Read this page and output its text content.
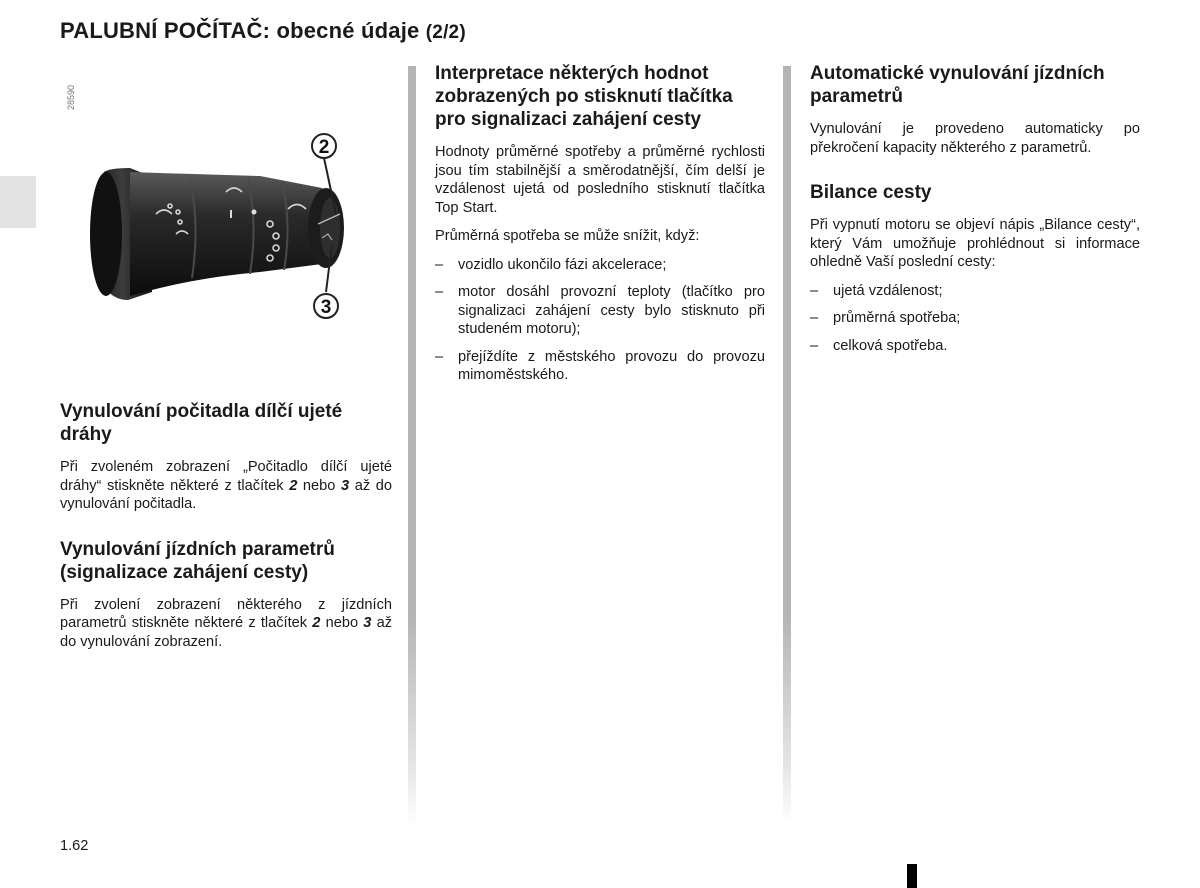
PALUBNÍ POČÍTAČ: obecné údaje (2/2)
28590
2
3
Vynulování počitadla dílčí ujeté dráhy

Při zvoleném zobrazení „Počitadlo dílčí ujeté dráhy“ stiskněte některé z tlačítek 2 nebo 3 až do vynulování počitadla.

Vynulování jízdních parametrů (signalizace zahájení cesty)

Při zvolení zobrazení některého z jízdních parametrů stiskněte některé z tlačítek 2 nebo 3 až do vynulování zobrazení.

Interpretace některých hodnot zobrazených po stisknutí tlačítka pro signalizaci zahájení cesty

Hodnoty průměrné spotřeby a průměrné rychlosti jsou tím stabilnější a směrodatnější, čím delší je vzdálenost ujetá od posledního stisknutí tlačítka Top Start.

Průměrná spotřeba se může snížit, když:

– vozidlo ukončilo fázi akcelerace;
– motor dosáhl provozní teploty (tlačítko pro signalizaci zahájení cesty bylo stisknuto při studeném motoru);
– přejíždíte z městského provozu do provozu mimoměstského.
Automatické vynulování jízdních parametrů

Vynulování je provedeno automaticky po překročení kapacity některého z parametrů.

Bilance cesty

Při vypnutí motoru se objeví nápis „Bilance cesty“, který Vám umožňuje prohlédnout si informace ohledně Vaší poslední cesty:

– ujetá vzdálenost;
– průměrná spotřeba;
– celková spotřeba.

1.62
